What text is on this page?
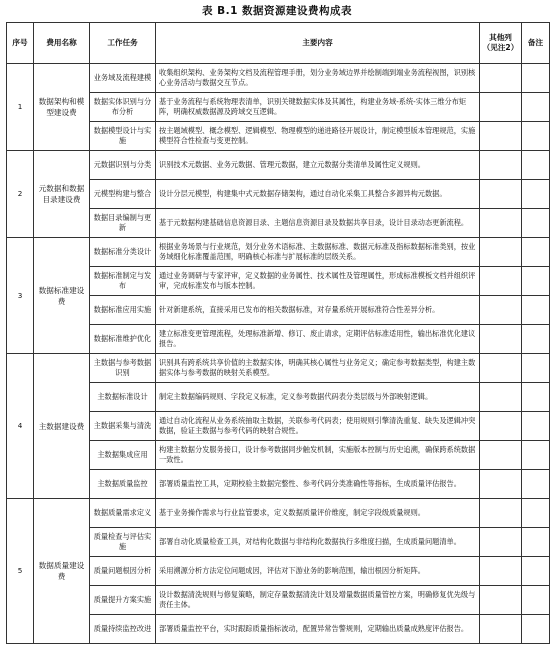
表 B.1 数据资源建设费构成表
序号	费用名称	工作任务	主要内容	其他列（见注2）	备注
1	数据架构和模型建设费	业务域及流程建模	收集组织架构、业务架构文档及流程管理手册，划分业务域边界并绘制端到端业务流程视图，识别核心业务活动与数据交互节点。		
		数据实体识别与分布分析	基于业务流程与系统物理表清单，识别关键数据实体及其属性，构建业务域-系统-实体三维分布矩阵，明确权威数据源及跨域交互逻辑。		
		数据模型设计与实施	按主题域模型、概念模型、逻辑模型、物理模型的递进路径开展设计，制定模型版本管理规范，实施模型符合性检查与变更控制。		
2	元数据和数据目录建设费	元数据识别与分类	识别技术元数据、业务元数据、管理元数据，建立元数据分类清单及属性定义规则。		
		元模型构建与整合	设计分层元模型，构建集中式元数据存储架构，通过自动化采集工具整合多源异构元数据。		
		数据目录编制与更新	基于元数据构建基础信息资源目录、主题信息资源目录及数据共享目录，设计目录动态更新流程。		
3	数据标准建设费	数据标准分类设计	根据业务场景与行业规范，划分业务术语标准、主数据标准、数据元标准及指标数据标准类别，按业务域细化标准覆盖范围，明确核心标准与扩展标准的层级关系。		
		数据标准制定与发布	通过业务调研与专家评审，定义数据的业务属性、技术属性及管理属性，形成标准模板文档并组织评审，完成标准发布与版本控制。		
		数据标准应用实施	针对新建系统，直接采用已发布的相关数据标准，对存量系统开展标准符合性差异分析。		
		数据标准维护优化	建立标准变更管理流程，处理标准新增、修订、废止请求，定期评估标准适用性，输出标准优化建议报告。		
4	主数据建设费	主数据与参考数据识别	识别具有跨系统共享价值的主数据实体，明确其核心属性与业务定义；确定参考数据类型，构建主数据实体与参考数据的映射关系模型。		
		主数据标准设计	制定主数据编码规则、字段定义标准，定义参考数据代码表分类层级与外部映射逻辑。		
		主数据采集与清洗	通过自动化流程从业务系统抽取主数据，关联参考代码表；使用规则引擎清洗重复、缺失及逻辑冲突数据，验证主数据与参考代码的映射合规性。		
		主数据集成应用	构建主数据分发服务接口，设计参考数据同步触发机制，实施版本控制与历史追溯，确保跨系统数据一致性。		
		主数据质量监控	部署质量监控工具，定期校验主数据完整性、参考代码分类准确性等指标，生成质量评估报告。		
5	数据质量建设费	数据质量需求定义	基于业务操作需求与行业监管要求，定义数据质量评价维度，制定字段级质量规则。		
		质量检查与评估实施	部署自动化质量检查工具，对结构化数据与非结构化数据执行多维度扫描，生成质量问题清单。		
		质量问题根因分析	采用溯源分析方法定位问题成因，评估对下游业务的影响范围，输出根因分析矩阵。		
		质量提升方案实施	设计数据清洗规则与修复策略，制定存量数据清洗计划及增量数据质量管控方案，明确修复优先级与责任主体。		
		质量持续监控改进	部署质量监控平台，实时跟踪质量指标波动，配置异常告警规则，定期输出质量成熟度评估报告。		
